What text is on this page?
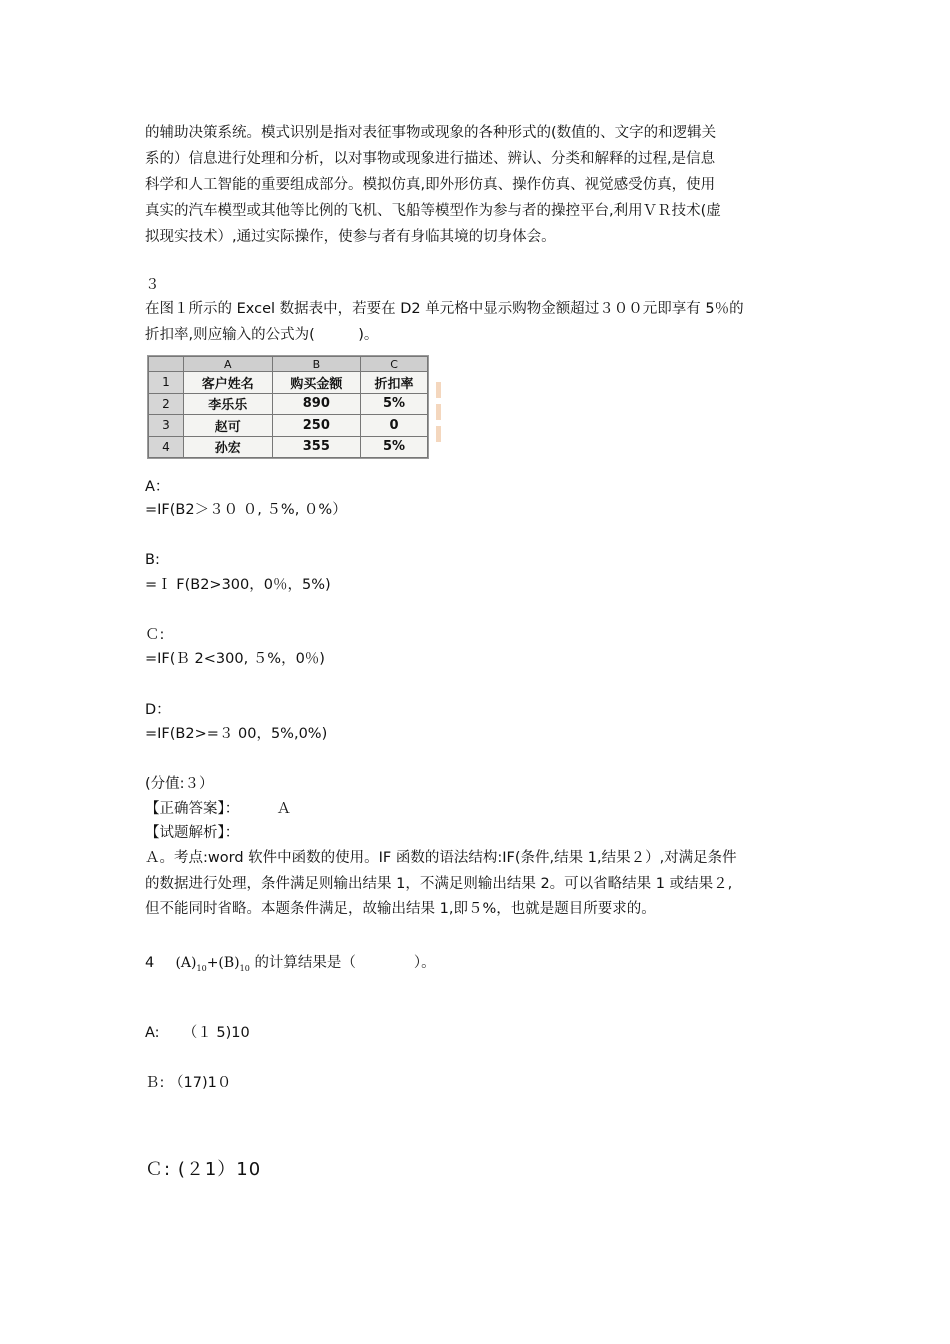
的辅助决策系统。模式识别是指对表征事物或现象的各种形式的(数值的、文字的和逻辑关
系的）信息进行处理和分析，以对事物或现象进行描述、辨认、分类和解释的过程,是信息
科学和人工智能的重要组成部分。模拟仿真,即外形仿真、操作仿真、视觉感受仿真，使用
真实的汽车模型或其他等比例的飞机、飞船等模型作为参与者的操控平台,利用ＶＲ技术(虚
拟现实技术）,通过实际操作，使参与者有身临其境的切身体会。
３
在图１所示的 Excel 数据表中，若要在 D2 单元格中显示购物金额超过３００元即享有 5％的
折扣率,则应输入的公式为(　　　)。
	A	B	C
1	客户姓名	购买金额	折扣率
2	李乐乐	890	5%
3	赵可	250	0
4	孙宏	355	5%
A：
=IF(B2＞３０ ０, ５%, ０%）
B:
=Ｉ F(B2>300，0％，5%)
Ｃ:
=IF(Ｂ 2<300, ５%，0％)
D：
=IF(B2>=３ 00，5%,0%)
(分值:３）
【正确答案】：	Ａ
【试题解析】：
Ａ。考点:word 软件中函数的使用。IF 函数的语法结构:IF(条件,结果 1,结果２）,对满足条件
的数据进行处理，条件满足则输出结果 1，不满足则输出结果 2。可以省略结果 1 或结果２,
但不能同时省略。本题条件满足，故输出结果 1,即５%，也就是题目所要求的。
4 $(A)_{10}+(B)_{10}$ 的计算结果是（　　　　）。
A: （１ 5)10
Ｂ: （17)1０
Ｃ: (２1）10
